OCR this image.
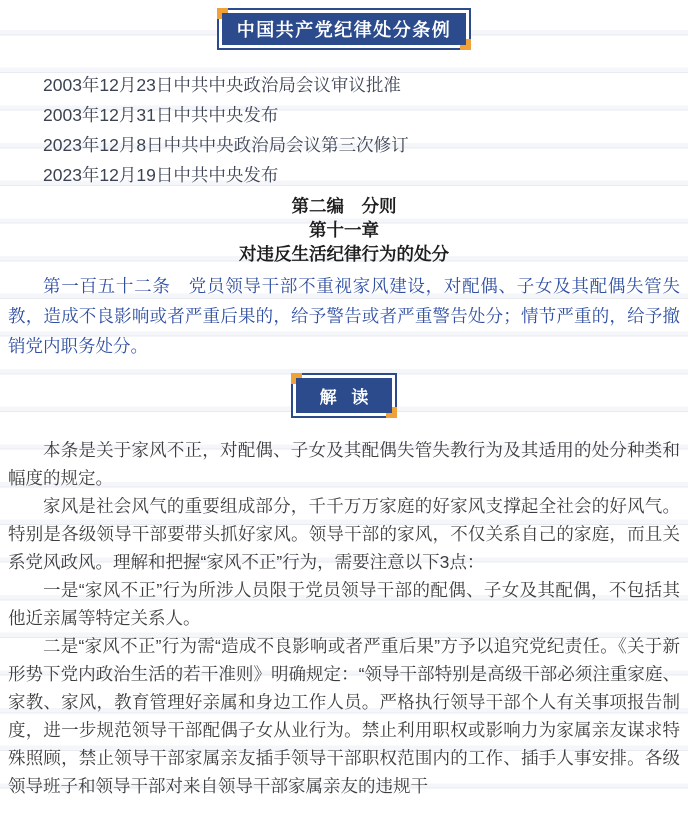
中国共产党纪律处分条例
2003年12月23日中共中央政治局会议审议批准
2003年12月31日中共中央发布
2023年12月8日中共中央政治局会议第三次修订
2023年12月19日中共中央发布
第二编　分则
第十一章
对违反生活纪律行为的处分

第一百五十二条　党员领导干部不重视家风建设，对配偶、子女及其配偶失管失教，造成不良影响或者严重后果的，给予警告或者严重警告处分；情节严重的，给予撤销党内职务处分。

解 读

本条是关于家风不正，对配偶、子女及其配偶失管失教行为及其适用的处分种类和幅度的规定。

家风是社会风气的重要组成部分，千千万万家庭的好家风支撑起全社会的好风气。特别是各级领导干部要带头抓好家风。领导干部的家风，不仅关系自己的家庭，而且关系党风政风。理解和把握“家风不正”行为，需要注意以下3点：

一是“家风不正”行为所涉人员限于党员领导干部的配偶、子女及其配偶，不包括其他近亲属等特定关系人。

二是“家风不正”行为需“造成不良影响或者严重后果”方予以追究党纪责任。《关于新形势下党内政治生活的若干准则》明确规定：“领导干部特别是高级干部必须注重家庭、家教、家风，教育管理好亲属和身边工作人员。严格执行领导干部个人有关事项报告制度，进一步规范领导干部配偶子女从业行为。禁止利用职权或影响力为家属亲友谋求特殊照顾，禁止领导干部家属亲友插手领导干部职权范围内的工作、插手人事安排。各级领导班子和领导干部对来自领导干部家属亲友的违规干
